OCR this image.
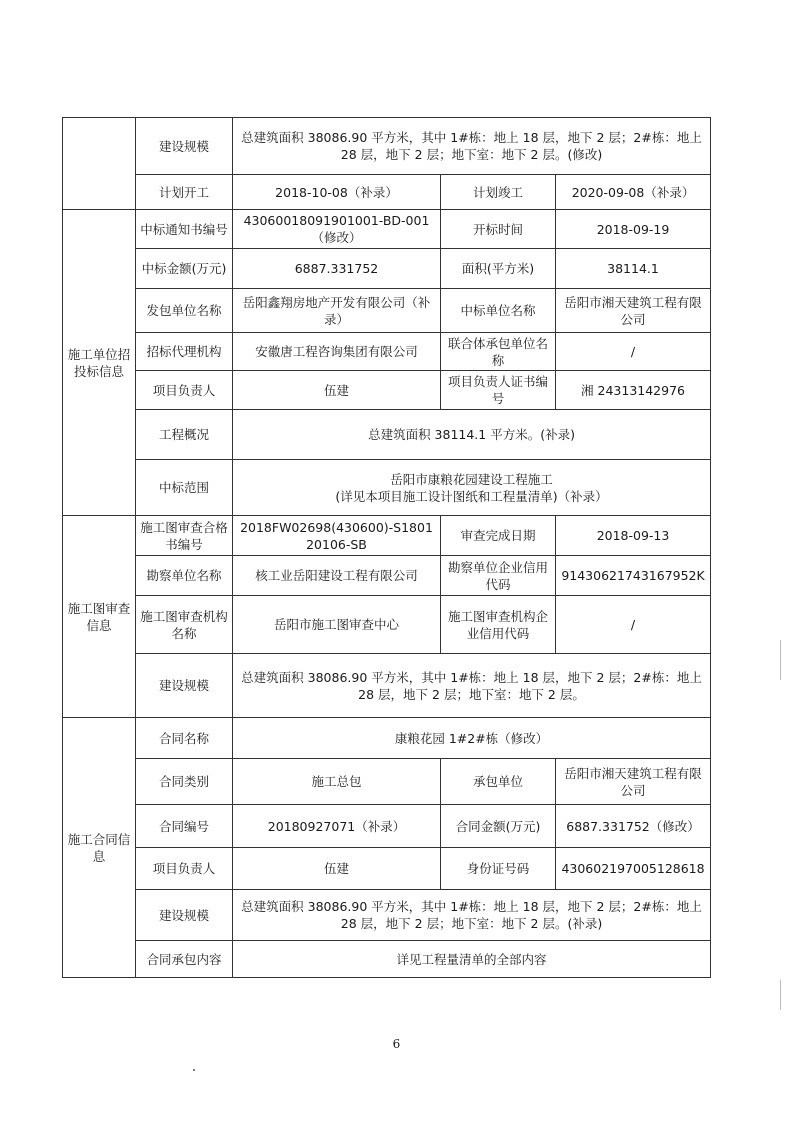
	建设规模	总建筑面积 38086.90 平方米，其中 1#栋：地上 18 层，地下 2 层；2#栋：地上 28 层，地下 2 层；地下室：地下 2 层。(修改)		
	计划开工	2018-10-08（补录）	计划竣工	2020-09-08（补录）
施工单位招投标信息	中标通知书编号	43060018091901001-BD-001（修改）	开标时间	2018-09-19
	中标金额(万元)	6887.331752	面积(平方米)	38114.1
	发包单位名称	岳阳鑫翔房地产开发有限公司（补录）	中标单位名称	岳阳市湘天建筑工程有限公司
	招标代理机构	安徽唐工程咨询集团有限公司	联合体承包单位名称	/
	项目负责人	伍建	项目负责人证书编号	湘 24313142976
	工程概况	总建筑面积 38114.1 平方米。(补录)		
	中标范围	岳阳市康粮花园建设工程施工
(详见本项目施工设计图纸和工程量清单)（补录）		

施工图审查信息	施工图审查合格书编号	2018FW02698(430600)-S180120106-SB	审查完成日期	2018-09-13
	勘察单位名称	核工业岳阳建设工程有限公司	勘察单位企业信用代码	91430621743167952K
	施工图审查机构名称	岳阳市施工图审查中心	施工图审查机构企业信用代码	/
	建设规模	总建筑面积 38086.90 平方米，其中 1#栋：地上 18 层，地下 2 层；2#栋：地上 28 层，地下 2 层；地下室：地下 2 层。		
施工合同信息	合同名称	康粮花园 1#2#栋（修改）		
	合同类别	施工总包	承包单位	岳阳市湘天建筑工程有限公司
	合同编号	20180927071（补录）	合同金额(万元)	6887.331752（修改）
	项目负责人	伍建	身份证号码	430602197005128618
	建设规模	总建筑面积 38086.90 平方米，其中 1#栋：地上 18 层，地下 2 层；2#栋：地上 28 层，地下 2 层；地下室：地下 2 层。(补录)		
	合同承包内容	详见工程量清单的全部内容		
6
